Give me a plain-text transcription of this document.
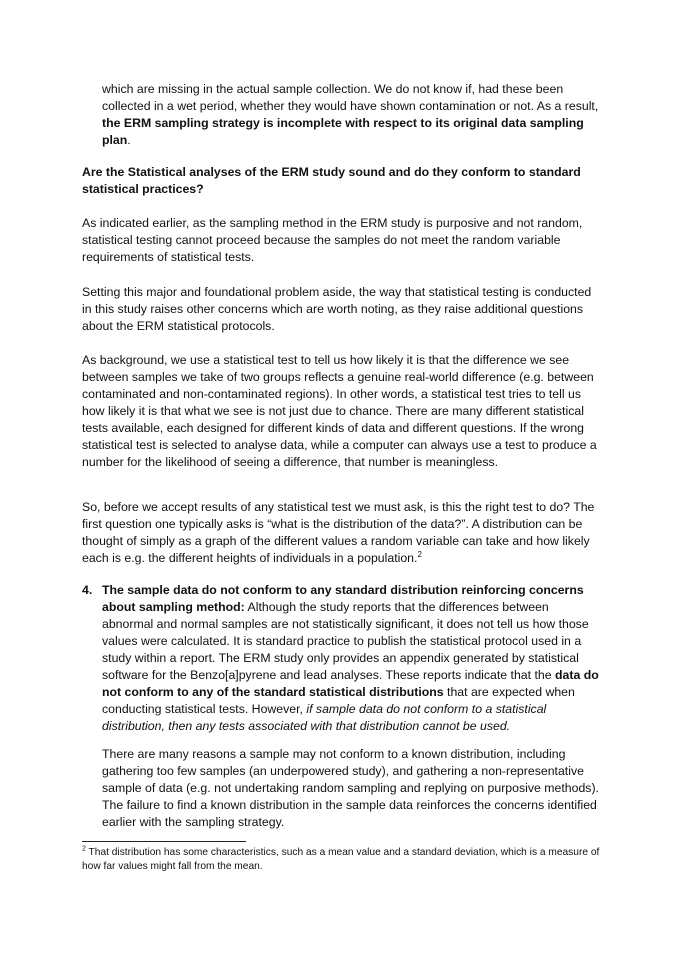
which are missing in the actual sample collection. We do not know if, had these been collected in a wet period, whether they would have shown contamination or not. As a result, the ERM sampling strategy is incomplete with respect to its original data sampling plan.

Are the Statistical analyses of the ERM study sound and do they conform to standard statistical practices?

As indicated earlier, as the sampling method in the ERM study is purposive and not random, statistical testing cannot proceed because the samples do not meet the random variable requirements of statistical tests.

Setting this major and foundational problem aside, the way that statistical testing is conducted in this study raises other concerns which are worth noting, as they raise additional questions about the ERM statistical protocols.

As background, we use a statistical test to tell us how likely it is that the difference we see between samples we take of two groups reflects a genuine real-world difference (e.g. between contaminated and non-contaminated regions). In other words, a statistical test tries to tell us how likely it is that what we see is not just due to chance. There are many different statistical tests available, each designed for different kinds of data and different questions. If the wrong statistical test is selected to analyse data, while a computer can always use a test to produce a number for the likelihood of seeing a difference, that number is meaningless.

So, before we accept results of any statistical test we must ask, is this the right test to do? The first question one typically asks is “what is the distribution of the data?”. A distribution can be thought of simply as a graph of the different values a random variable can take and how likely each is e.g. the different heights of individuals in a population.$^2$

4. The sample data do not conform to any standard distribution reinforcing concerns about sampling method: Although the study reports that the differences between abnormal and normal samples are not statistically significant, it does not tell us how those values were calculated. It is standard practice to publish the statistical protocol used in a study within a report. The ERM study only provides an appendix generated by statistical software for the Benzo[a]pyrene and lead analyses. These reports indicate that the data do not conform to any of the standard statistical distributions that are expected when conducting statistical tests. However, if sample data do not conform to a statistical distribution, then any tests associated with that distribution cannot be used.

There are many reasons a sample may not conform to a known distribution, including gathering too few samples (an underpowered study), and gathering a non-representative sample of data (e.g. not undertaking random sampling and replying on purposive methods). The failure to find a known distribution in the sample data reinforces the concerns identified earlier with the sampling strategy.

$^2$ That distribution has some characteristics, such as a mean value and a standard deviation, which is a measure of how far values might fall from the mean.
